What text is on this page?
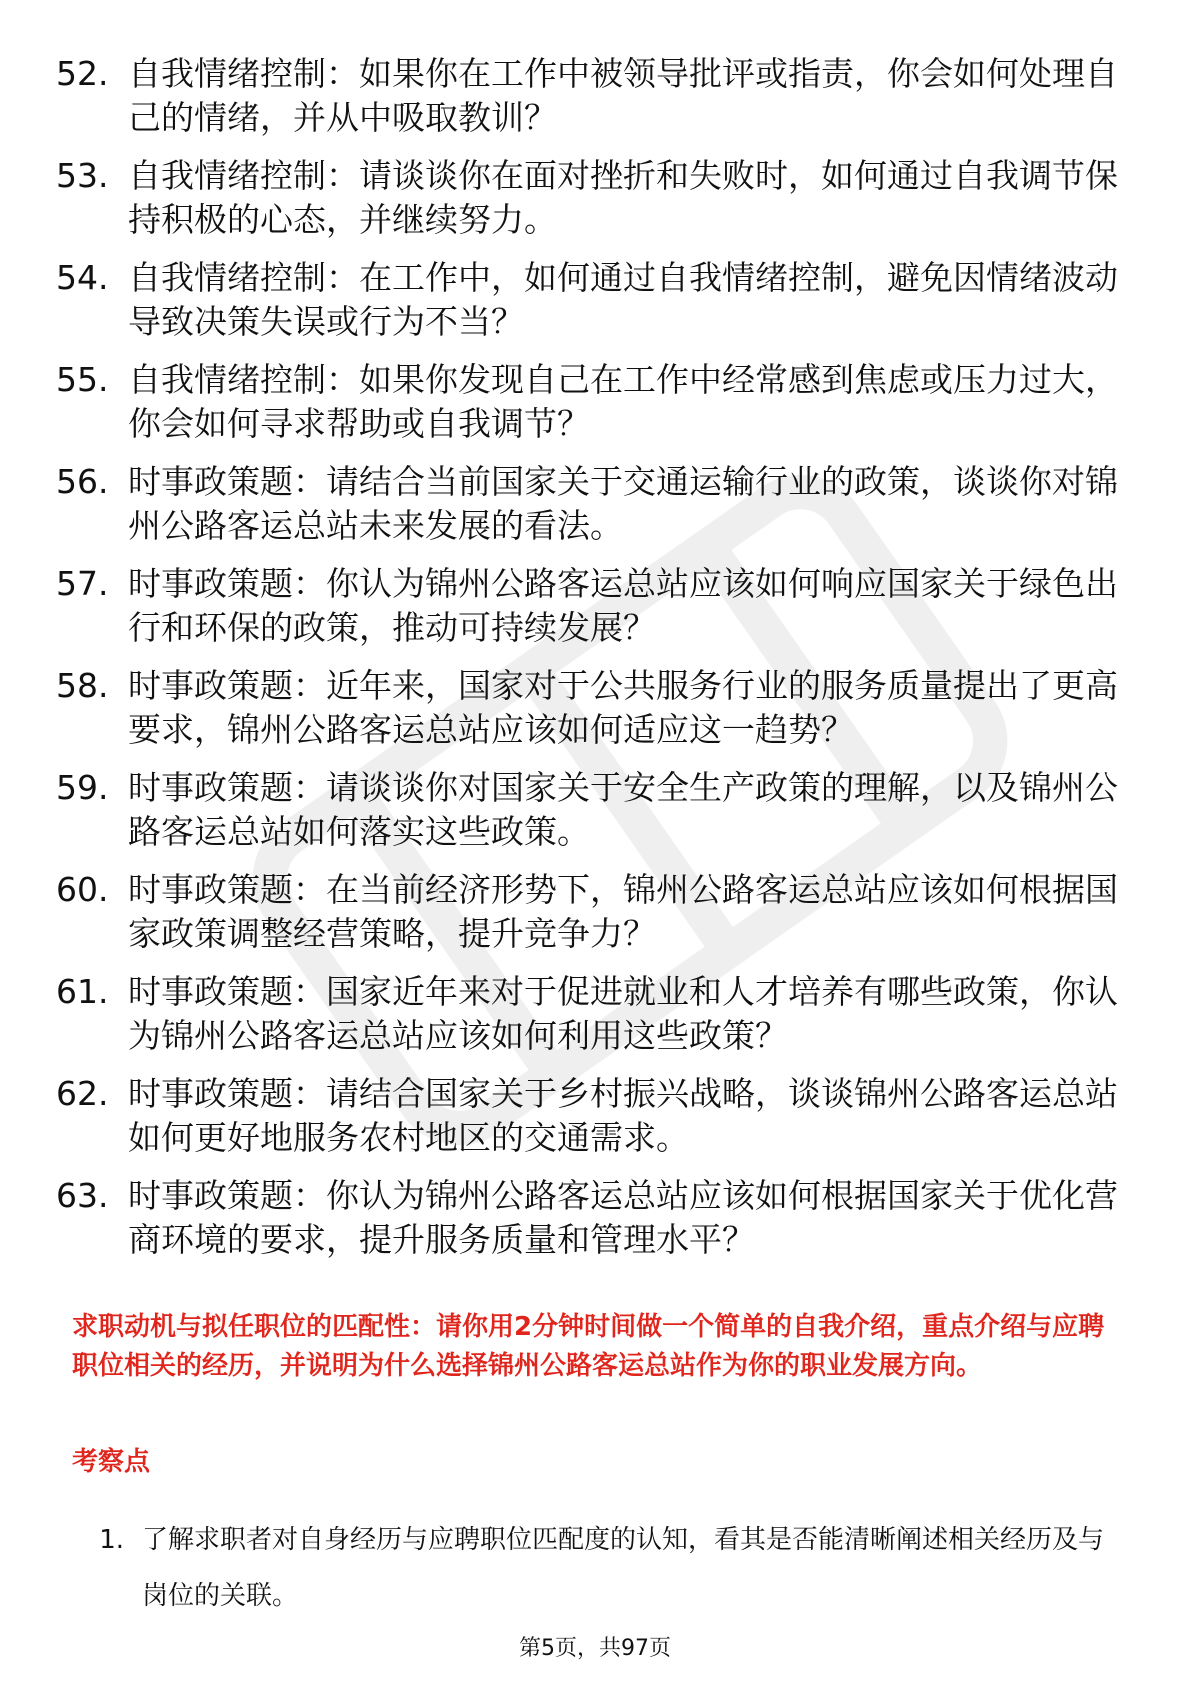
52. 自我情绪控制：如果你在工作中被领导批评或指责，你会如何处理自己的情绪，并从中吸取教训？
53. 自我情绪控制：请谈谈你在面对挫折和失败时，如何通过自我调节保持积极的心态，并继续努力。
54. 自我情绪控制：在工作中，如何通过自我情绪控制，避免因情绪波动导致决策失误或行为不当？
55. 自我情绪控制：如果你发现自己在工作中经常感到焦虑或压力过大，你会如何寻求帮助或自我调节？
56. 时事政策题：请结合当前国家关于交通运输行业的政策，谈谈你对锦州公路客运总站未来发展的看法。
57. 时事政策题：你认为锦州公路客运总站应该如何响应国家关于绿色出行和环保的政策，推动可持续发展？
58. 时事政策题：近年来，国家对于公共服务行业的服务质量提出了更高要求，锦州公路客运总站应该如何适应这一趋势？
59. 时事政策题：请谈谈你对国家关于安全生产政策的理解，以及锦州公路客运总站如何落实这些政策。
60. 时事政策题：在当前经济形势下，锦州公路客运总站应该如何根据国家政策调整经营策略，提升竞争力？
61. 时事政策题：国家近年来对于促进就业和人才培养有哪些政策，你认为锦州公路客运总站应该如何利用这些政策？
62. 时事政策题：请结合国家关于乡村振兴战略，谈谈锦州公路客运总站如何更好地服务农村地区的交通需求。
63. 时事政策题：你认为锦州公路客运总站应该如何根据国家关于优化营商环境的要求，提升服务质量和管理水平？
求职动机与拟任职位的匹配性：请你用2分钟时间做一个简单的自我介绍，重点介绍与应聘职位相关的经历，并说明为什么选择锦州公路客运总站作为你的职业发展方向。
考察点
1. 了解求职者对自身经历与应聘职位匹配度的认知，看其是否能清晰阐述相关经历及与岗位的关联。
第5页，共97页
